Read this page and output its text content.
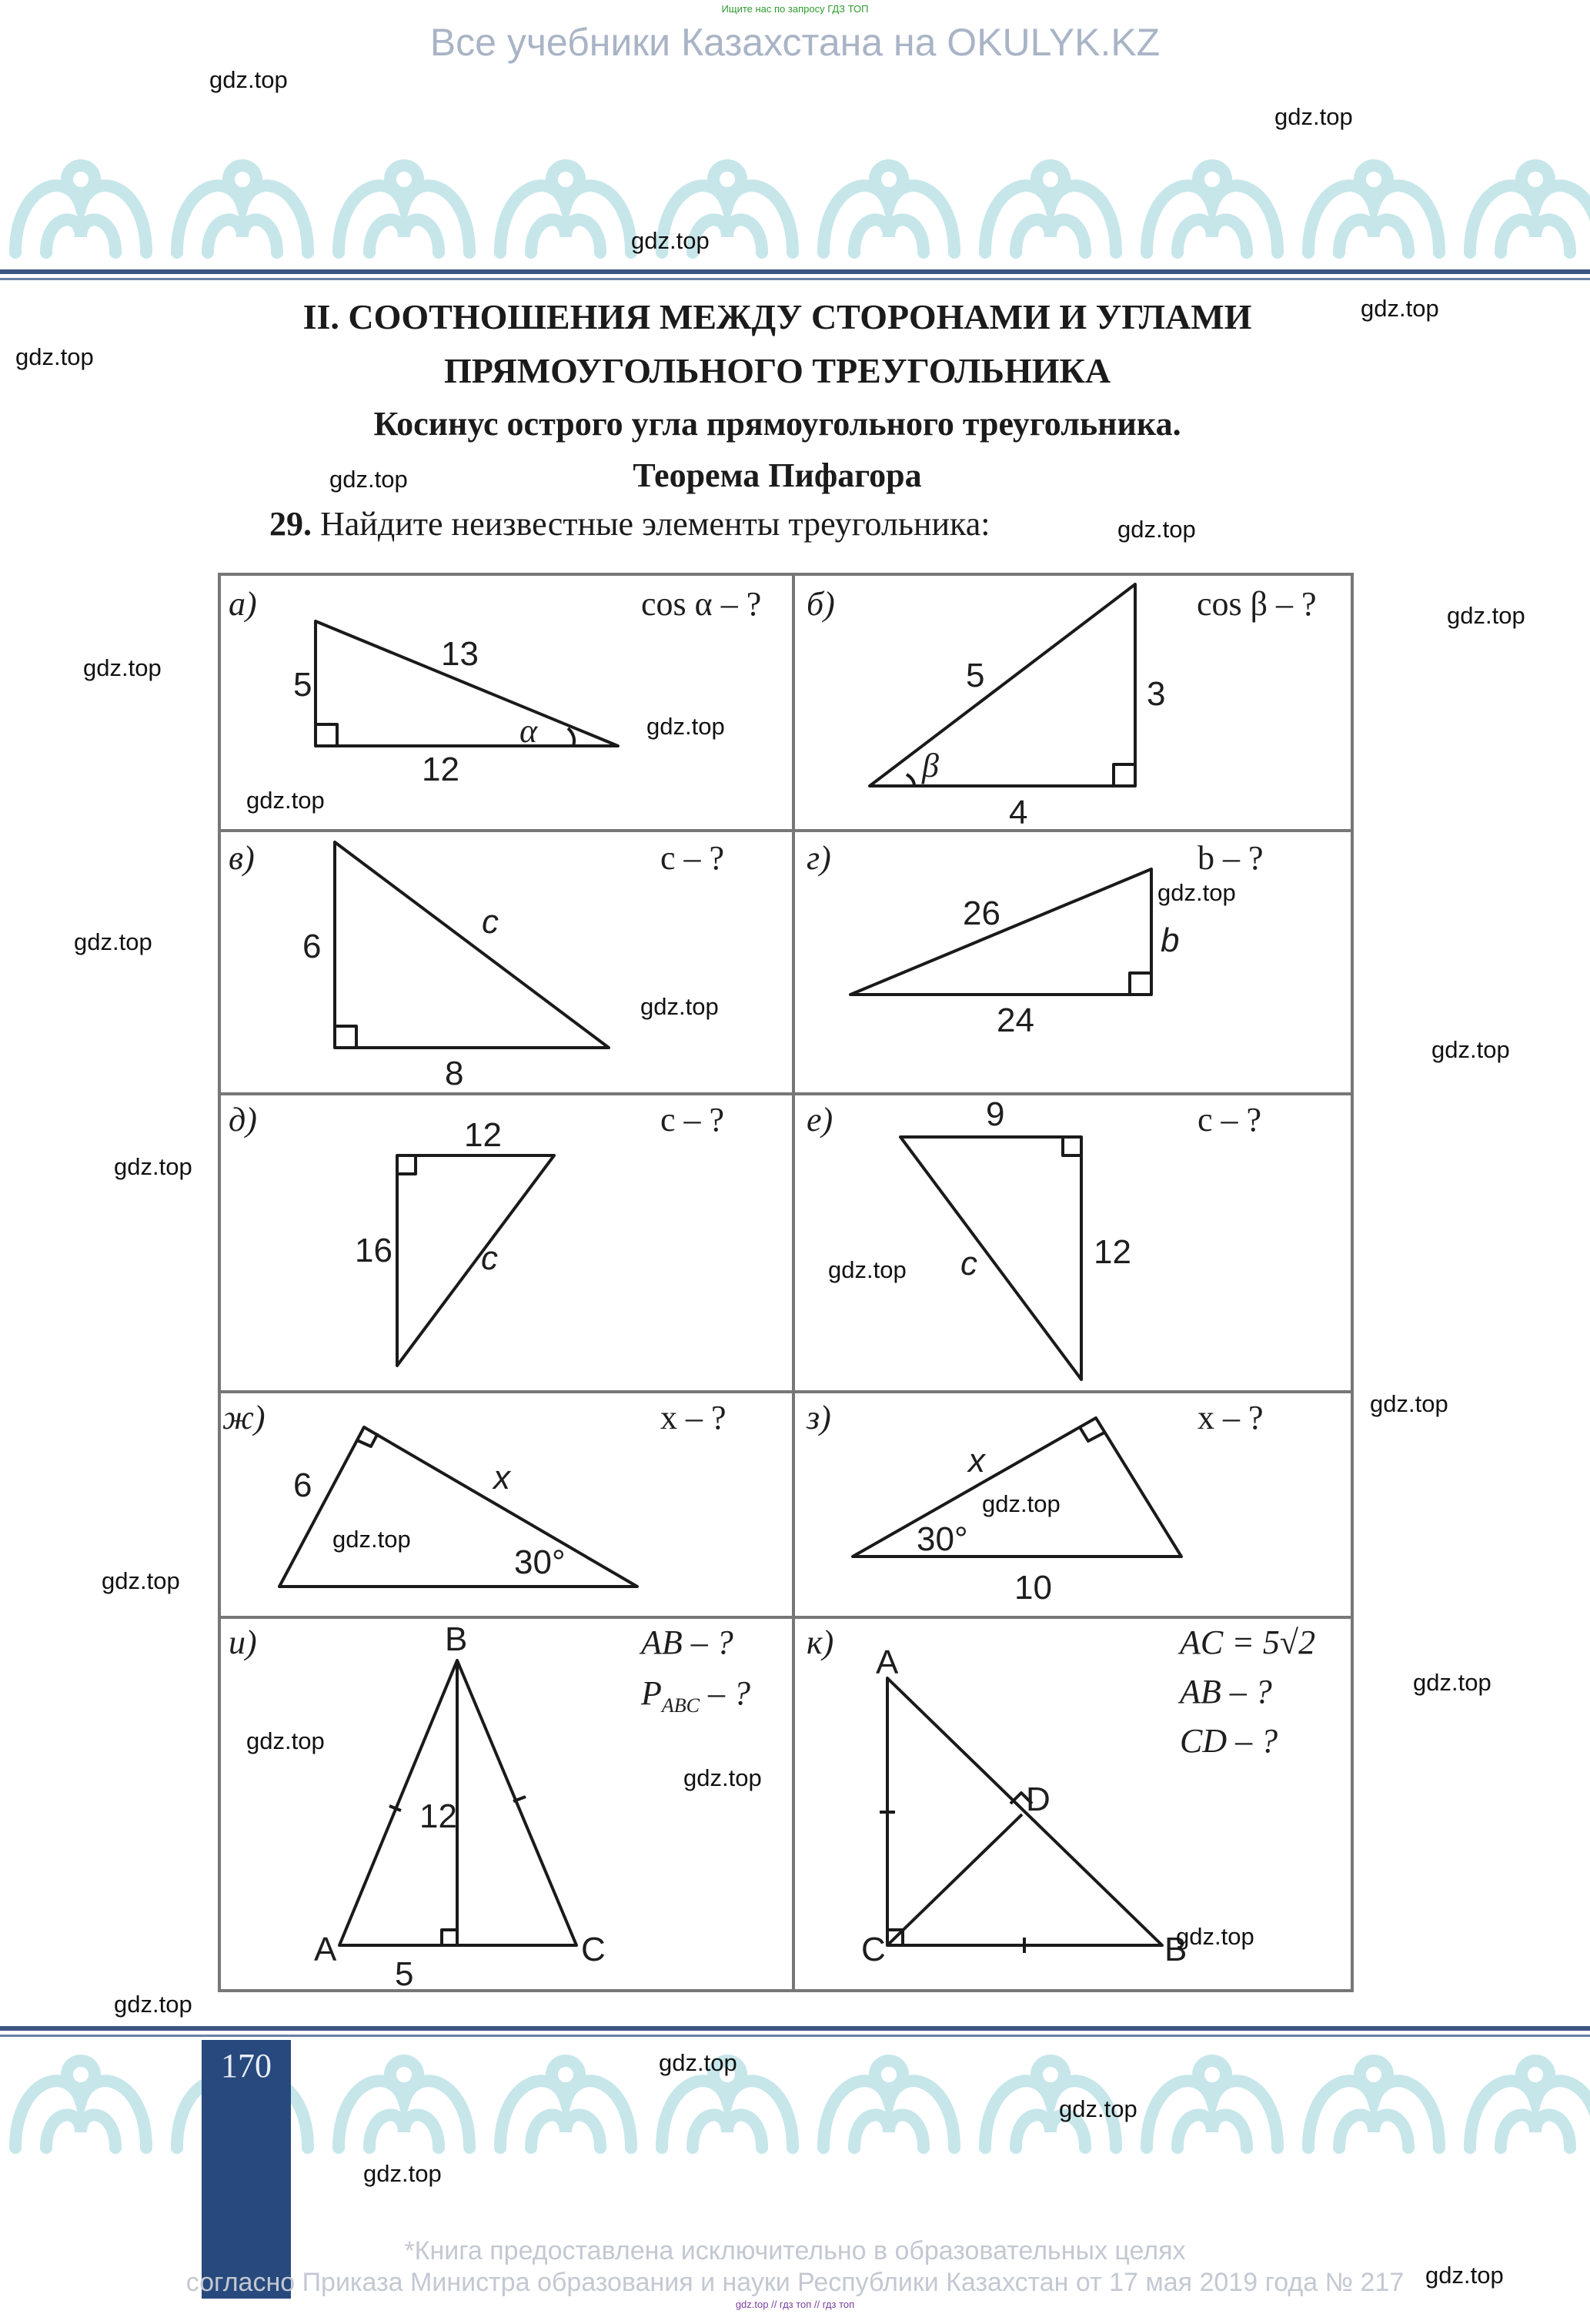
Ищите нас по запросу ГДЗ ТОП
Все учебники Казахстана на OKULYK.KZ
II. СООТНОШЕНИЯ МЕЖДУ СТОРОНАМИ И УГЛАМИ
ПРЯМОУГОЛЬНОГО ТРЕУГОЛЬНИКА
Косинус острого угла прямоугольного треугольника.
Теорема Пифагора
29. Найдите неизвестные элементы треугольника:
а)	cos α – ?
5
13
12
α
б)	cos β – ?
5	3
4
β
в)	c – ?
6
c
8
г)	b – ?
26
b
24
д)	c – ?
12
16	c
е)	c – ?
9
c	12
ж)	x – ?
6	x
30°
з)	x – ?
x
30°
10
и)	AB – ?
$P_{ABC}$ – ?
B
A	C
12
5
к)	AC = 5√2
AB – ?
CD – ?
A
B
C
D
170
*Книга предоставлена исключительно в образовательных целях
согласно Приказа Министра образования и науки Республики Казахстан от 17 мая 2019 года № 217
gdz.top // гдз топ // гдз топ
gdz.top
gdz.top
gdz.top
gdz.top
gdz.top
gdz.top
gdz.top
gdz.top
gdz.top
gdz.top
gdz.top
gdz.top
gdz.top
gdz.top
gdz.top
gdz.top
gdz.top
gdz.top
gdz.top
gdz.top
gdz.top
gdz.top
gdz.top
gdz.top
gdz.top
gdz.top
gdz.top
gdz.top
gdz.top
gdz.top
